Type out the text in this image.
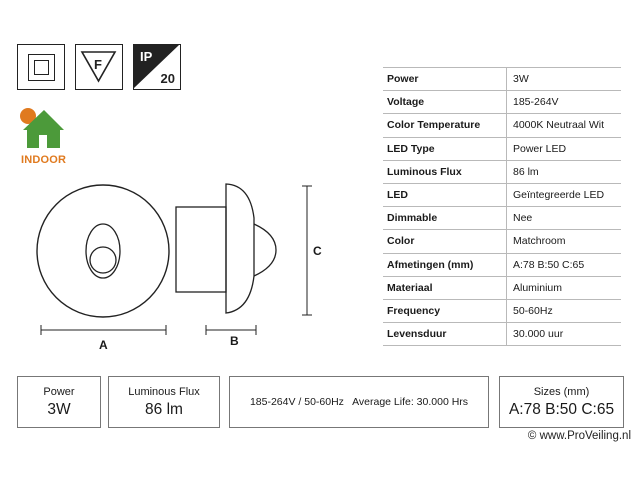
F
IP
20
INDOOR
A	B
C
Power	3W
Voltage	185-264V
Color Temperature	4000K Neutraal Wit
LED Type	Power LED
Luminous Flux	86 lm
LED	Geïntegreerde LED
Dimmable	Nee
Color	Matchroom
Afmetingen (mm)	A:78 B:50 C:65
Materiaal	Aluminium
Frequency	50-60Hz
Levensduur	30.000 uur
Power
3W
Luminous Flux
86 lm	185-264V / 50-60Hz   Average Life: 30.000 Hrs
Sizes (mm)
A:78 B:50 C:65
© www.ProVeiling.nl
